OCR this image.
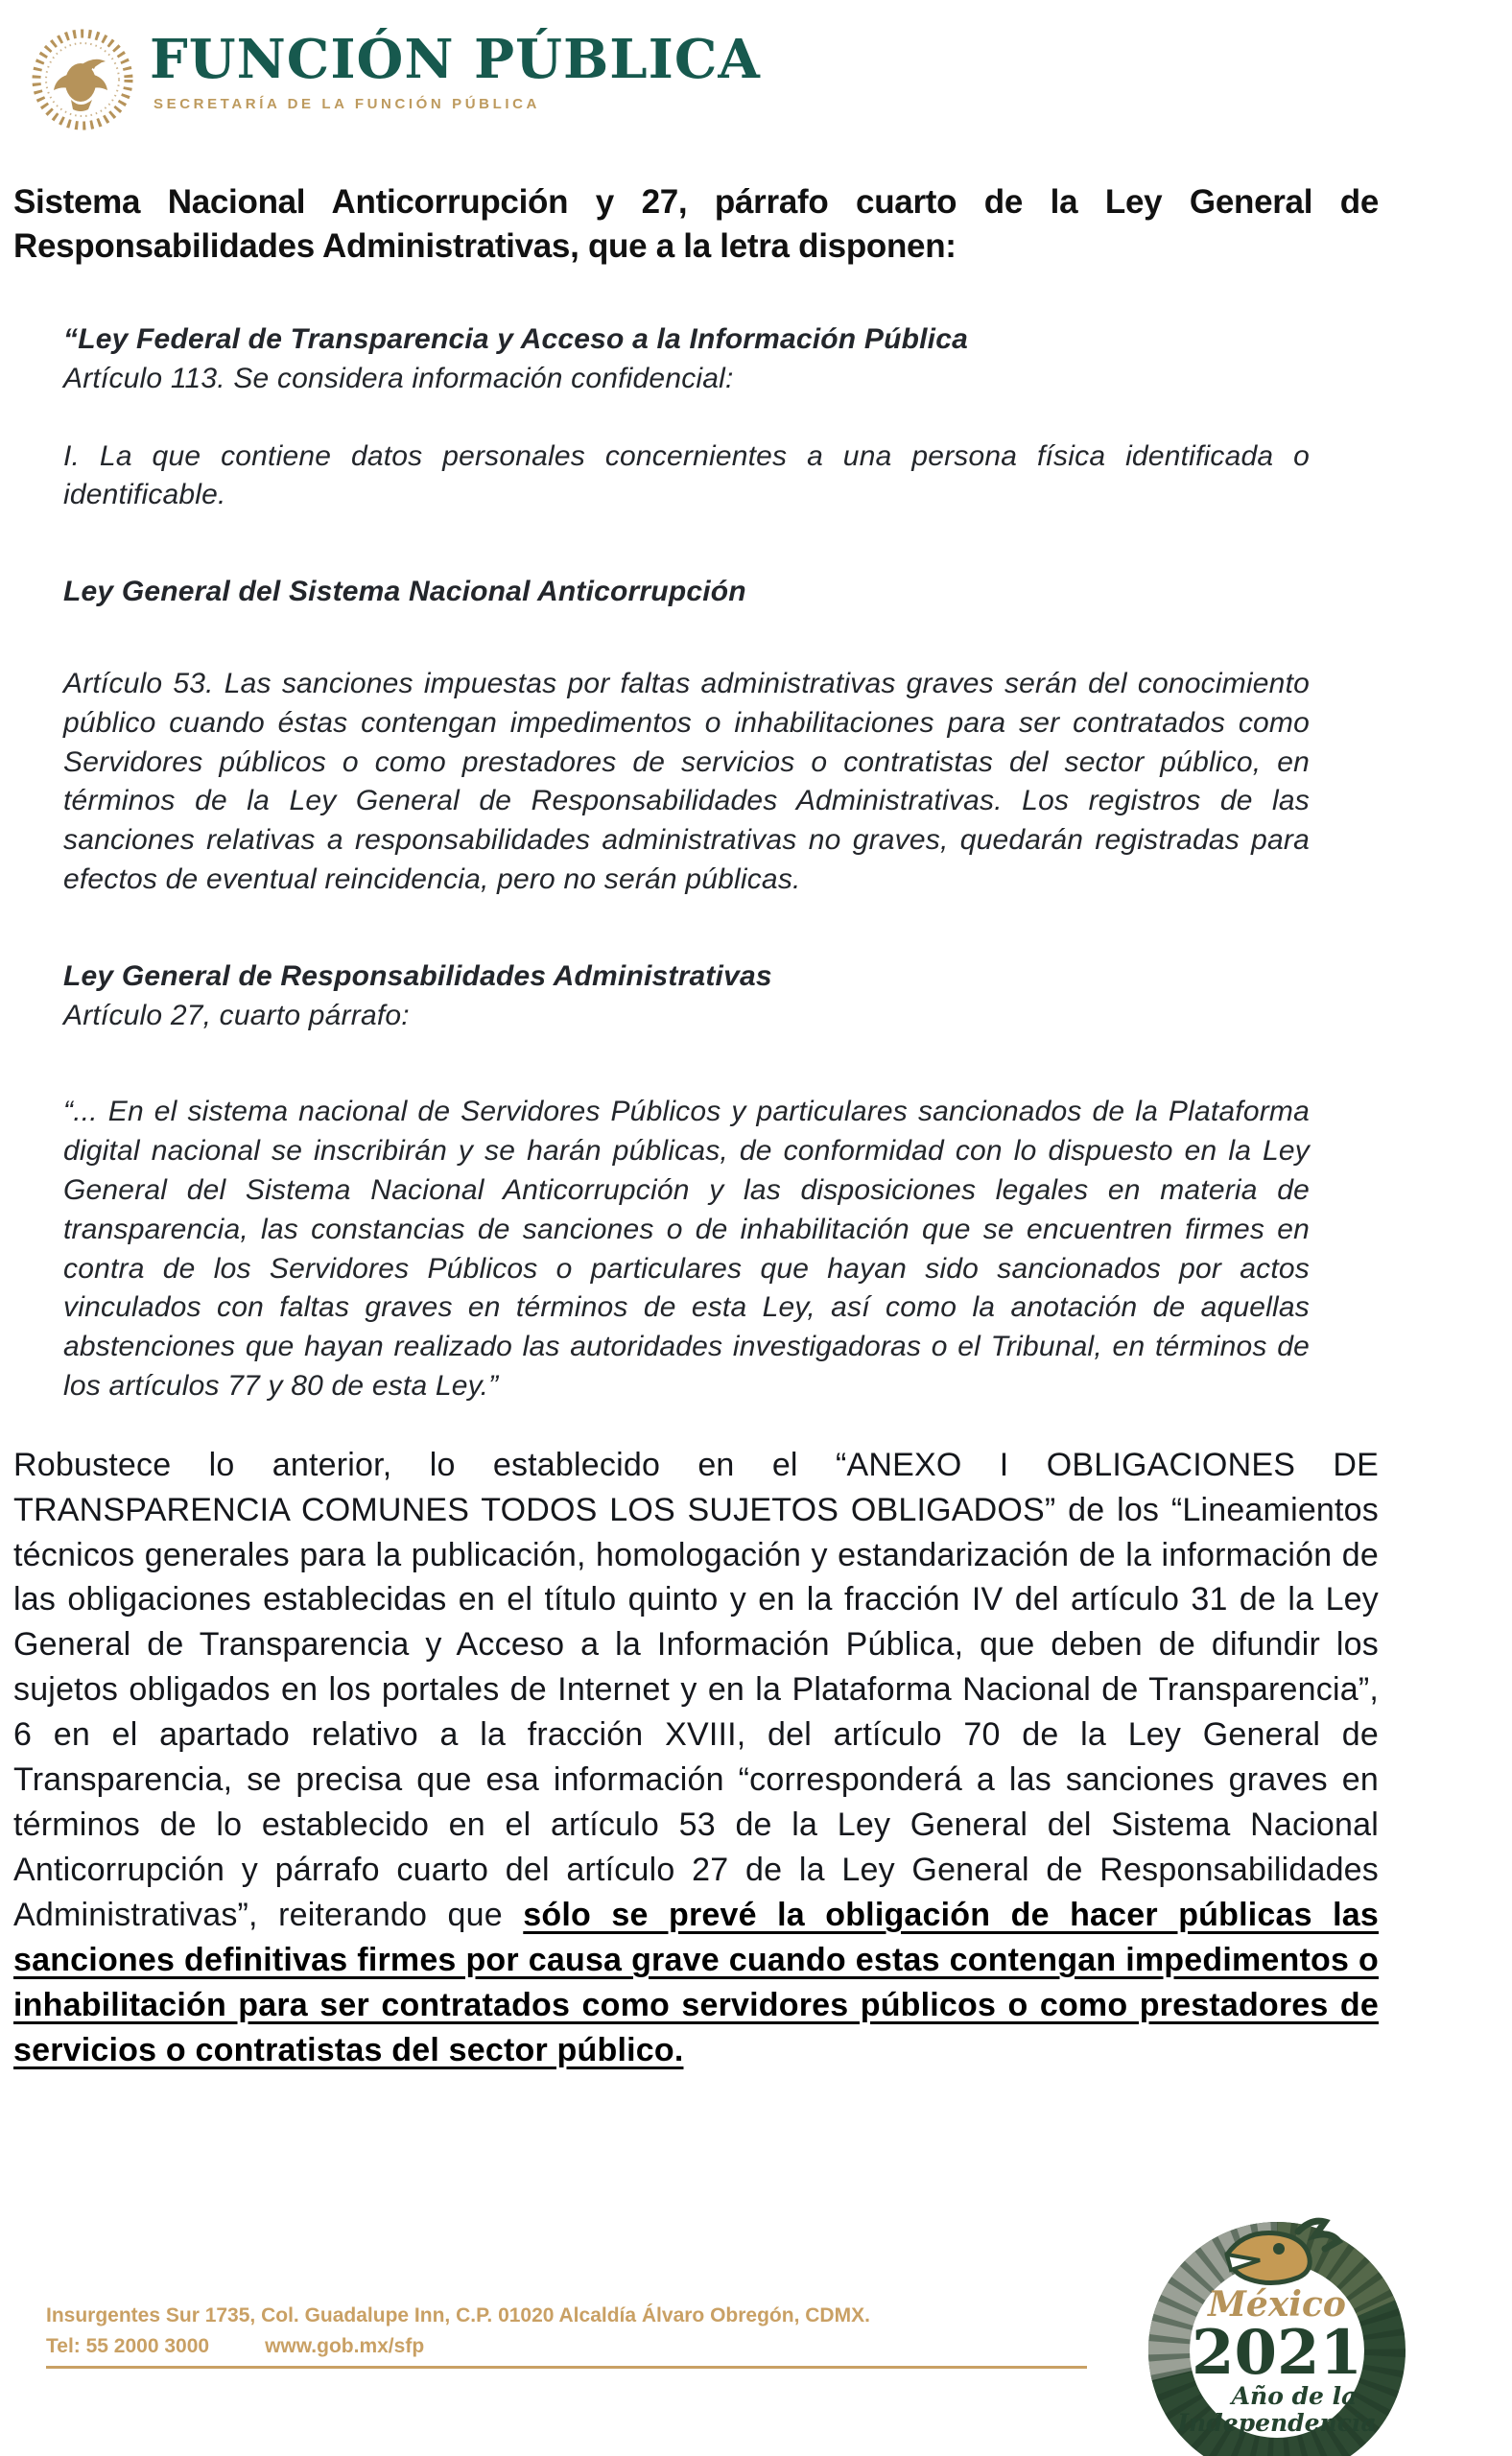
FUNCIÓN PÚBLICA
SECRETARÍA DE LA FUNCIÓN PÚBLICA

Sistema Nacional Anticorrupción y 27, párrafo cuarto de la Ley General de Responsabilidades Administrativas, que a la letra disponen:

“Ley Federal de Transparencia y Acceso a la Información Pública

Artículo 113. Se considera información confidencial:

I. La que contiene datos personales concernientes a una persona física identificada o identificable.

Ley General del Sistema Nacional Anticorrupción

Artículo 53. Las sanciones impuestas por faltas administrativas graves serán del conocimiento público cuando éstas contengan impedimentos o inhabilitaciones para ser contratados como Servidores públicos o como prestadores de servicios o contratistas del sector público, en términos de la Ley General de Responsabilidades Administrativas. Los registros de las sanciones relativas a responsabilidades administrativas no graves, quedarán registradas para efectos de eventual reincidencia, pero no serán públicas.

Ley General de Responsabilidades Administrativas

Artículo 27, cuarto párrafo:

“... En el sistema nacional de Servidores Públicos y particulares sancionados de la Plataforma digital nacional se inscribirán y se harán públicas, de conformidad con lo dispuesto en la Ley General del Sistema Nacional Anticorrupción y las disposiciones legales en materia de transparencia, las constancias de sanciones o de inhabilitación que se encuentren firmes en contra de los Servidores Públicos o particulares que hayan sido sancionados por actos vinculados con faltas graves en términos de esta Ley, así como la anotación de aquellas abstenciones que hayan realizado las autoridades investigadoras o el Tribunal, en términos de los artículos 77 y 80 de esta Ley.”

Robustece lo anterior, lo establecido en el “ANEXO I OBLIGACIONES DE TRANSPARENCIA COMUNES TODOS LOS SUJETOS OBLIGADOS” de los “Lineamientos técnicos generales para la publicación, homologación y estandarización de la información de las obligaciones establecidas en el título quinto y en la fracción IV del artículo 31 de la Ley General de Transparencia y Acceso a la Información Pública, que deben de difundir los sujetos obligados en los portales de Internet y en la Plataforma Nacional de Transparencia”, 6 en el apartado relativo a la fracción XVIII, del artículo 70 de la Ley General de Transparencia, se precisa que esa información “corresponderá a las sanciones graves en términos de lo establecido en el artículo 53 de la Ley General del Sistema Nacional Anticorrupción y párrafo cuarto del artículo 27 de la Ley General de Responsabilidades Administrativas”, reiterando que sólo se prevé la obligación de hacer públicas las sanciones definitivas firmes por causa grave cuando estas contengan impedimentos o inhabilitación para ser contratados como servidores públicos o como prestadores de servicios o contratistas del sector público.

Insurgentes Sur 1735, Col. Guadalupe Inn, C.P. 01020 Alcaldía Álvaro Obregón, CDMX.
Tel: 55 2000 3000	www.gob.mx/sfp
México
2021
Año de la
Independencia
